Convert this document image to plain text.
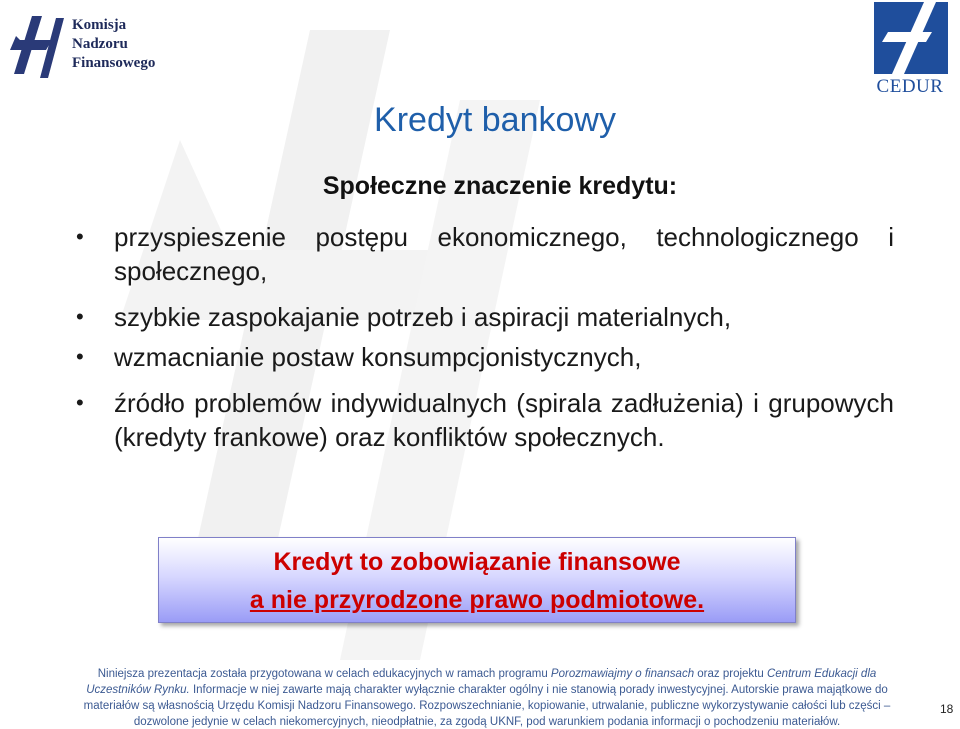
Komisja
Nadzoru
Finansowego
CEDUR
Kredyt bankowy
Społeczne znaczenie kredytu:
• przyspieszenie postępu ekonomicznego, technologicznego i społecznego,
• szybkie zaspokajanie potrzeb i aspiracji materialnych,
• wzmacnianie postaw konsumpcjonistycznych,
• źródło problemów indywidualnych (spirala zadłużenia) i grupowych (kredyty frankowe) oraz konfliktów społecznych.
Kredyt to zobowiązanie finansowe
a nie przyrodzone prawo podmiotowe.
Niniejsza prezentacja została przygotowana w celach edukacyjnych w ramach programu Porozmawiajmy o finansach oraz projektu Centrum Edukacji dla Uczestników Rynku. Informacje w niej zawarte mają charakter wyłącznie charakter ogólny i nie stanowią porady inwestycyjnej. Autorskie prawa majątkowe do materiałów są własnością Urzędu Komisji Nadzoru Finansowego. Rozpowszechnianie, kopiowanie, utrwalanie, publiczne wykorzystywanie całości lub części – dozwolone jedynie w celach niekomercyjnych, nieodpłatnie, za zgodą UKNF, pod warunkiem podania informacji o pochodzeniu materiałów.
18
